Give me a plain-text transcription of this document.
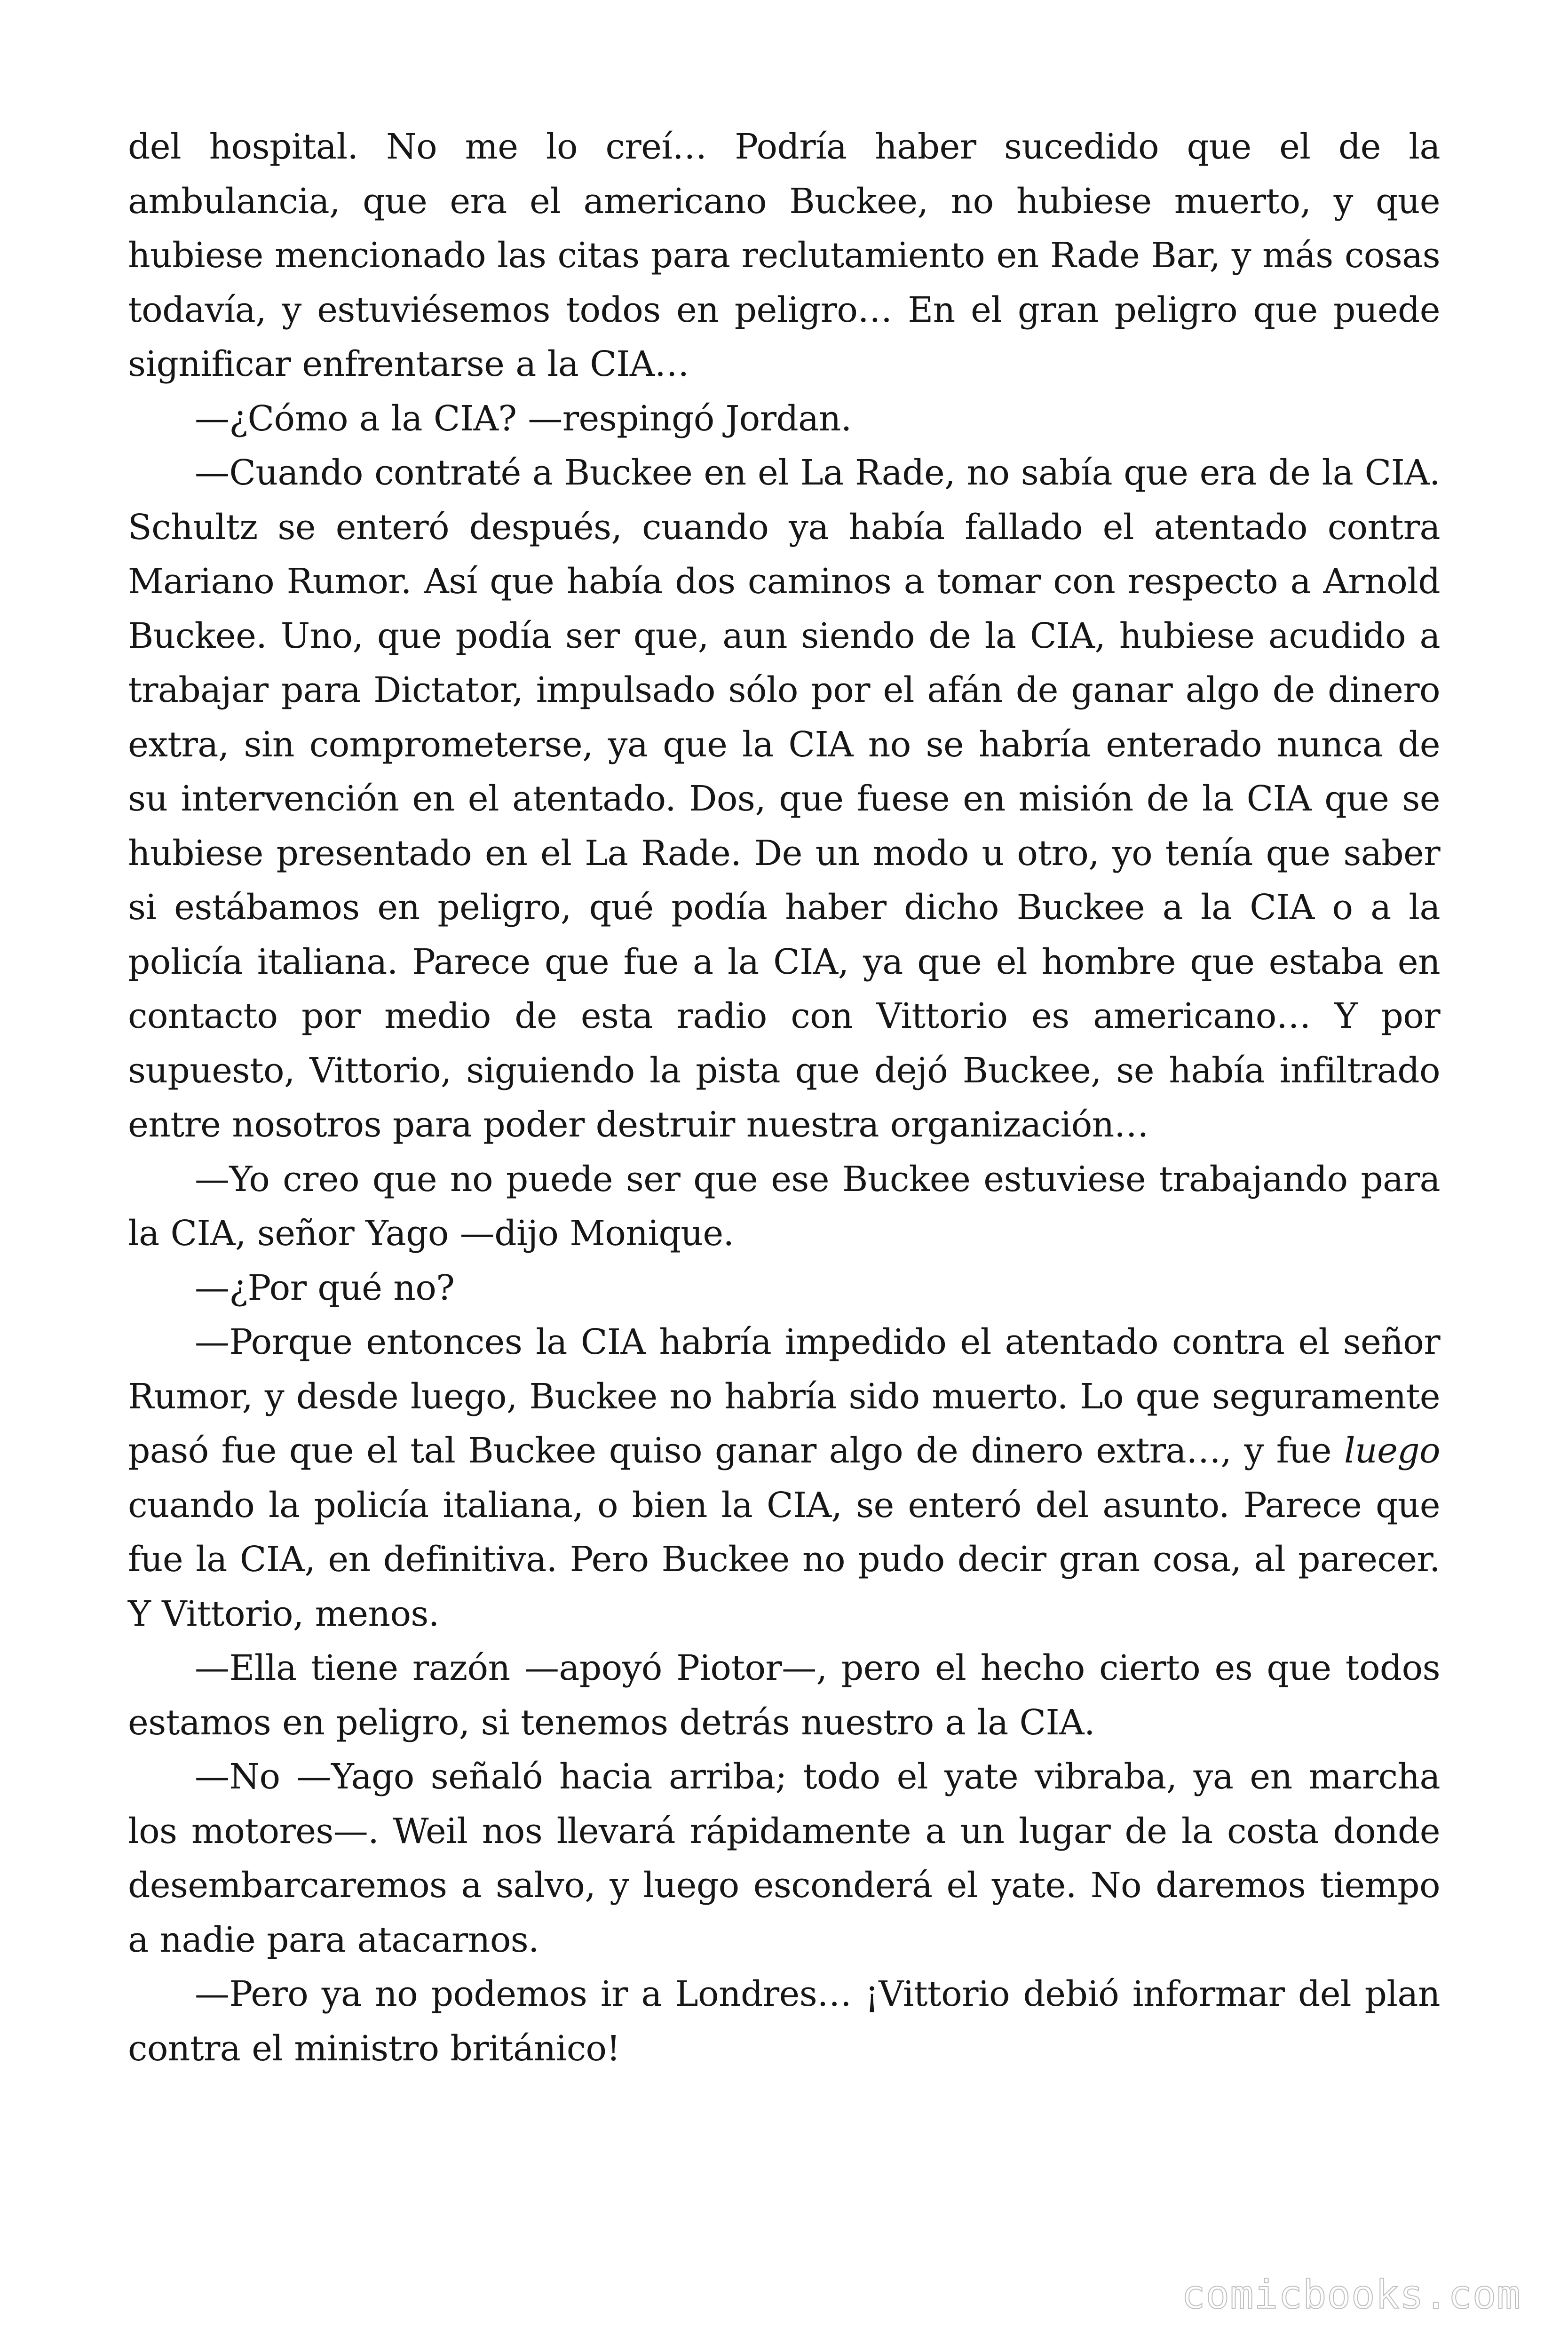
del hospital. No me lo creí… Podría haber sucedido que el de la ambulancia, que era el americano Buckee, no hubiese muerto, y que hubiese mencionado las citas para reclutamiento en Rade Bar, y más cosas todavía, y estuviésemos todos en peligro… En el gran peligro que puede significar enfrentarse a la CIA…

—¿Cómo a la CIA? —respingó Jordan.

—Cuando contraté a Buckee en el La Rade, no sabía que era de la CIA. Schultz se enteró después, cuando ya había fallado el atentado contra Mariano Rumor. Así que había dos caminos a tomar con respecto a Arnold Buckee. Uno, que podía ser que, aun siendo de la CIA, hubiese acudido a trabajar para Dictator, impulsado sólo por el afán de ganar algo de dinero extra, sin comprometerse, ya que la CIA no se habría enterado nunca de su intervención en el atentado. Dos, que fuese en misión de la CIA que se hubiese presentado en el La Rade. De un modo u otro, yo tenía que saber si estábamos en peligro, qué podía haber dicho Buckee a la CIA o a la policía italiana. Parece que fue a la CIA, ya que el hombre que estaba en contacto por medio de esta radio con Vittorio es americano… Y por supuesto, Vittorio, siguiendo la pista que dejó Buckee, se había infiltrado entre nosotros para poder destruir nuestra organización…

—Yo creo que no puede ser que ese Buckee estuviese trabajando para la CIA, señor Yago —dijo Monique.

—¿Por qué no?

—Porque entonces la CIA habría impedido el atentado contra el señor Rumor, y desde luego, Buckee no habría sido muerto. Lo que seguramente pasó fue que el tal Buckee quiso ganar algo de dinero extra…, y fue luego cuando la policía italiana, o bien la CIA, se enteró del asunto. Parece que fue la CIA, en definitiva. Pero Buckee no pudo decir gran cosa, al parecer. Y Vittorio, menos.

—Ella tiene razón —apoyó Piotor—, pero el hecho cierto es que todos estamos en peligro, si tenemos detrás nuestro a la CIA.

—No —Yago señaló hacia arriba; todo el yate vibraba, ya en marcha los motores—. Weil nos llevará rápidamente a un lugar de la costa donde desembarcaremos a salvo, y luego esconderá el yate. No daremos tiempo a nadie para atacarnos.

—Pero ya no podemos ir a Londres… ¡Vittorio debió informar del plan contra el ministro británico!

comicbooks.com
